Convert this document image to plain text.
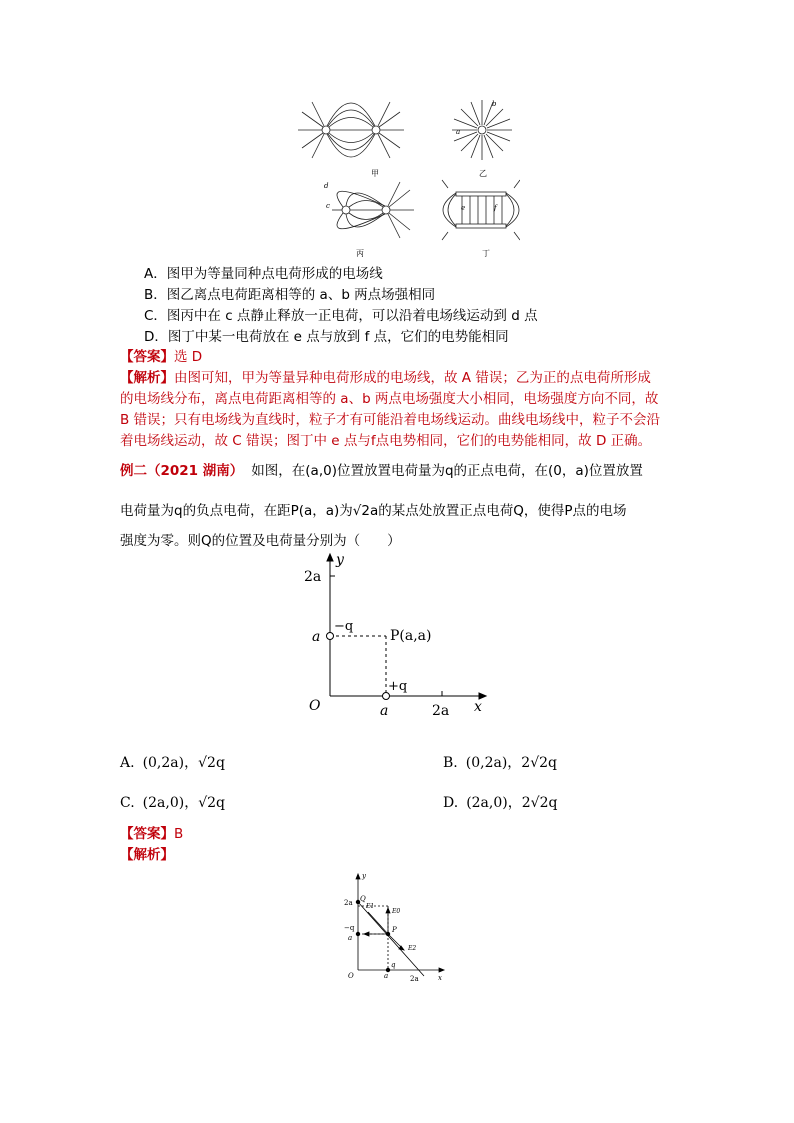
甲	乙
a
b
d
c	e	f
丙	丁
A．图甲为等量同种点电荷形成的电场线
B．图乙离点电荷距离相等的 a、b 两点场强相同
C．图丙中在 c 点静止释放一正电荷，可以沿着电场线运动到 d 点
D．图丁中某一电荷放在 e 点与放到 f 点，它们的电势能相同
【答案】选 D
【解析】由图可知，甲为等量异种电荷形成的电场线，故 A 错误；乙为正的点电荷所形成
的电场线分布，离点电荷距离相等的 a、b 两点电场强度大小相同，电场强度方向不同，故
B 错误；只有电场线为直线时，粒子才有可能沿着电场线运动。曲线电场线中，粒子不会沿
着电场线运动，故 C 错误；图丁中 e 点与f点电势相同，它们的电势能相同，故 D 正确。
例二（2021 湖南） 如图，在(a,0)位置放置电荷量为q的正点电荷，在(0，a)位置放置
电荷量为q的负点电荷，在距P(a，a)为√2a的某点处放置正点电荷Q，使得P点的电场
强度为零。则Q的位置及电荷量分别为（　　）
y
x
O
2a
a
a	2a
−q
+q
P(a,a)
A. (0,2a)，√2q	B. (0,2a)，2√2q
C. (2a,0)，√2q	D. (2a,0)，2√2q
【答案】B
【解析】
y
x
O
2a Q
E1
E0
−q
a
P
E2
a
q
2a
